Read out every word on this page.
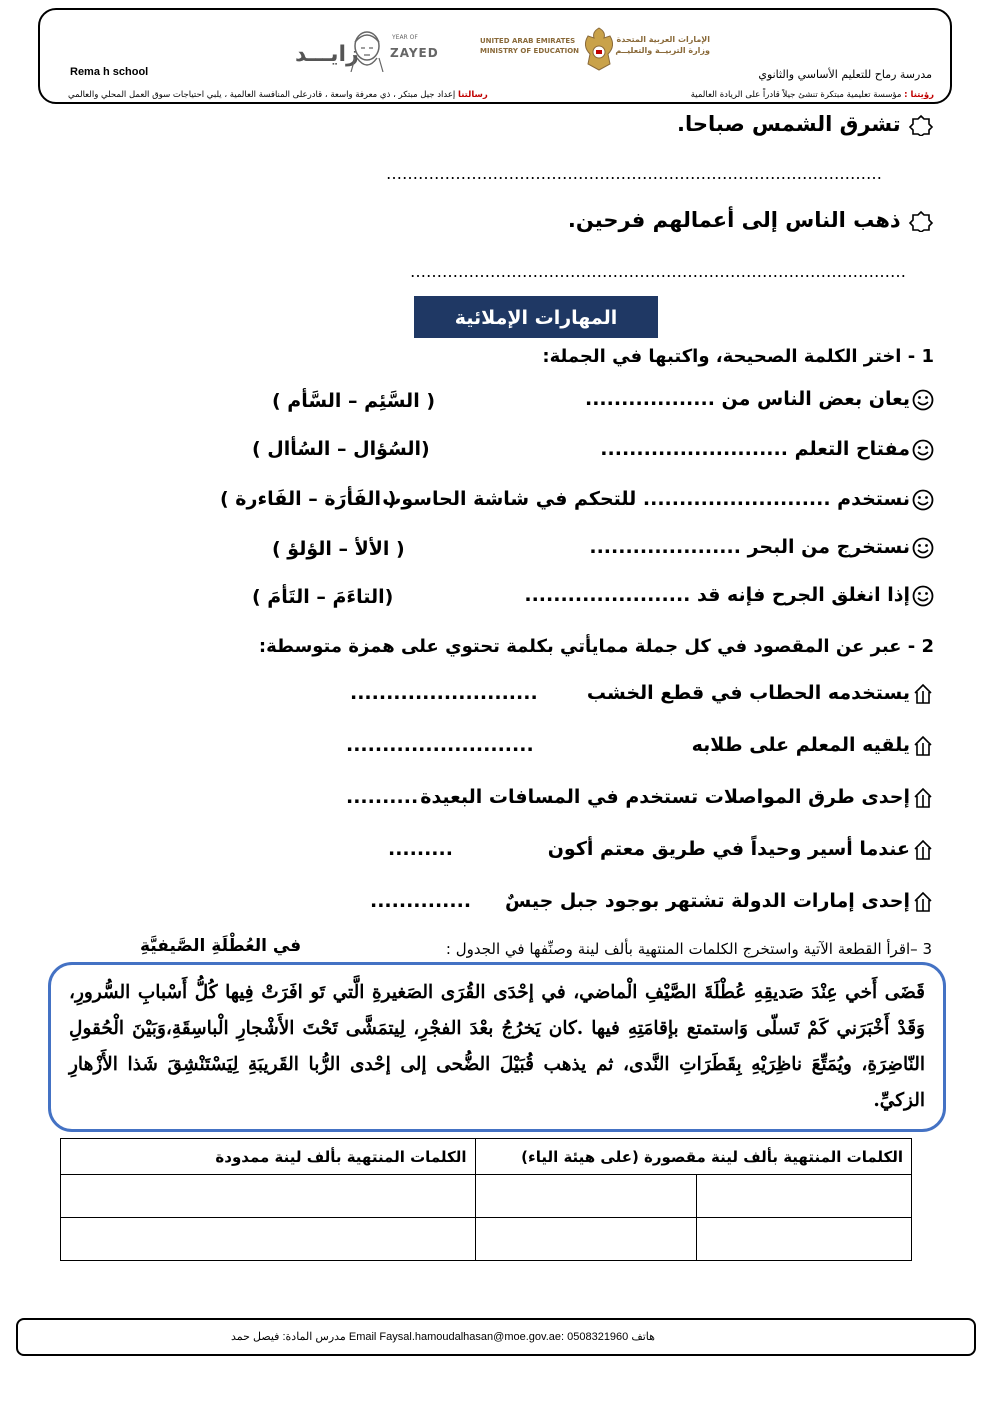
Rema h school
زايـــد
YEAR OF
ZAYED
UNITED ARAB EMIRATES
MINISTRY OF EDUCATION
الإمارات العربية المتحدة
وزارة التربيــة والتعليــم
مدرسة رماح للتعليم الأساسي والثانوي
رؤيتنا : مؤسسة تعليمية مبتكرة تنشئ جيلاً قادراً على الريادة العالمية
رسالتنا إعداد جيل مبتكر ، ذي معرفة واسعة ، قادرعلى المنافسة العالمية ، يلبي احتياجات سوق العمل المحلي والعالمي
تشرق الشمس صباحا.
…………………………………………………………………………………
ذهب الناس إلى أعمالهم فرحين.
…………………………………………………………………………………
المهارات الإملائية
1 - اختر الكلمة الصحيحة، واكتبها في الجملة:
يعان بعض الناس من ..................
( السَّئِم – السَّأم )
مفتاح التعلم ..........................
(السُؤال – السُأال )
نستخدم .......................... للتحكم في شاشة الحاسوب
( الفَأرَة – الفَاءرة )
نستخرج من البحر .....................
( الألأ – الؤلؤ )
إذا انغلق الجرح فإنه قد .......................
(التاءَمَ – التَأمَ )
2 - عبر عن المقصود في كل جملة ممايأتي بكلمة تحتوي على همزة متوسطة:
يستخدمه الحطاب في قطع الخشب
..........................
يلقيه المعلم على طلابه
..........................
إحدى طرق المواصلات تستخدم في المسافات البعيدة
..........
عندما أسير وحيداً في طريق معتم أكون
.........
إحدى إمارات الدولة تشتهر بوجود جبل جيسٌ
..............
3 –اقرأ القطعة الآتية واستخرج الكلمات المنتهية بألف لينة وصنِّفها في الجدول :
في العُطْلَةِ الصَّيفيَّةِ
قَضَى أَخي عِنْدَ صَديقِهِ عُطْلَةَ الصَّيْفِ الْماضي، في إحْدَى القُرَى الصَغيرةِ الَّتي تَو افَرَتْ فِيها كُلُّ أَسْبابِ السُّرورِ، وَقَدْ أَخْبَرَني كَمْ تَسلّى وَاستمتع بإقامَتِهِ فيها .كان يَخرُجُ بعْدَ الفجْرِ، لِيتمَشَّى تَحْتَ الأَشْجارِ الْباسِقَةِ،وَبَيْنَ الْحُقولِ النّاضِرَةِ، ويُمَتِّعَ ناظِرَيْهِ بِقَطَرَاتِ النَّدى، ثم يذهب قُبَيْلَ الضُّحى إلى إحْدى الرُّبا القَريبَةِ لِيَسْتَنْشِقَ شَذا الأَزْهارِ الزكيِّ.
الكلمات المنتهية بألف لينة ممدودة	الكلمات المنتهية بألف لينة مقصورة (على هيئة الياء)	

مدرس المادة: فيصل حمد Email Faysal.hamoudalhasan@moe.gov.ae: هاتف 0508321960
